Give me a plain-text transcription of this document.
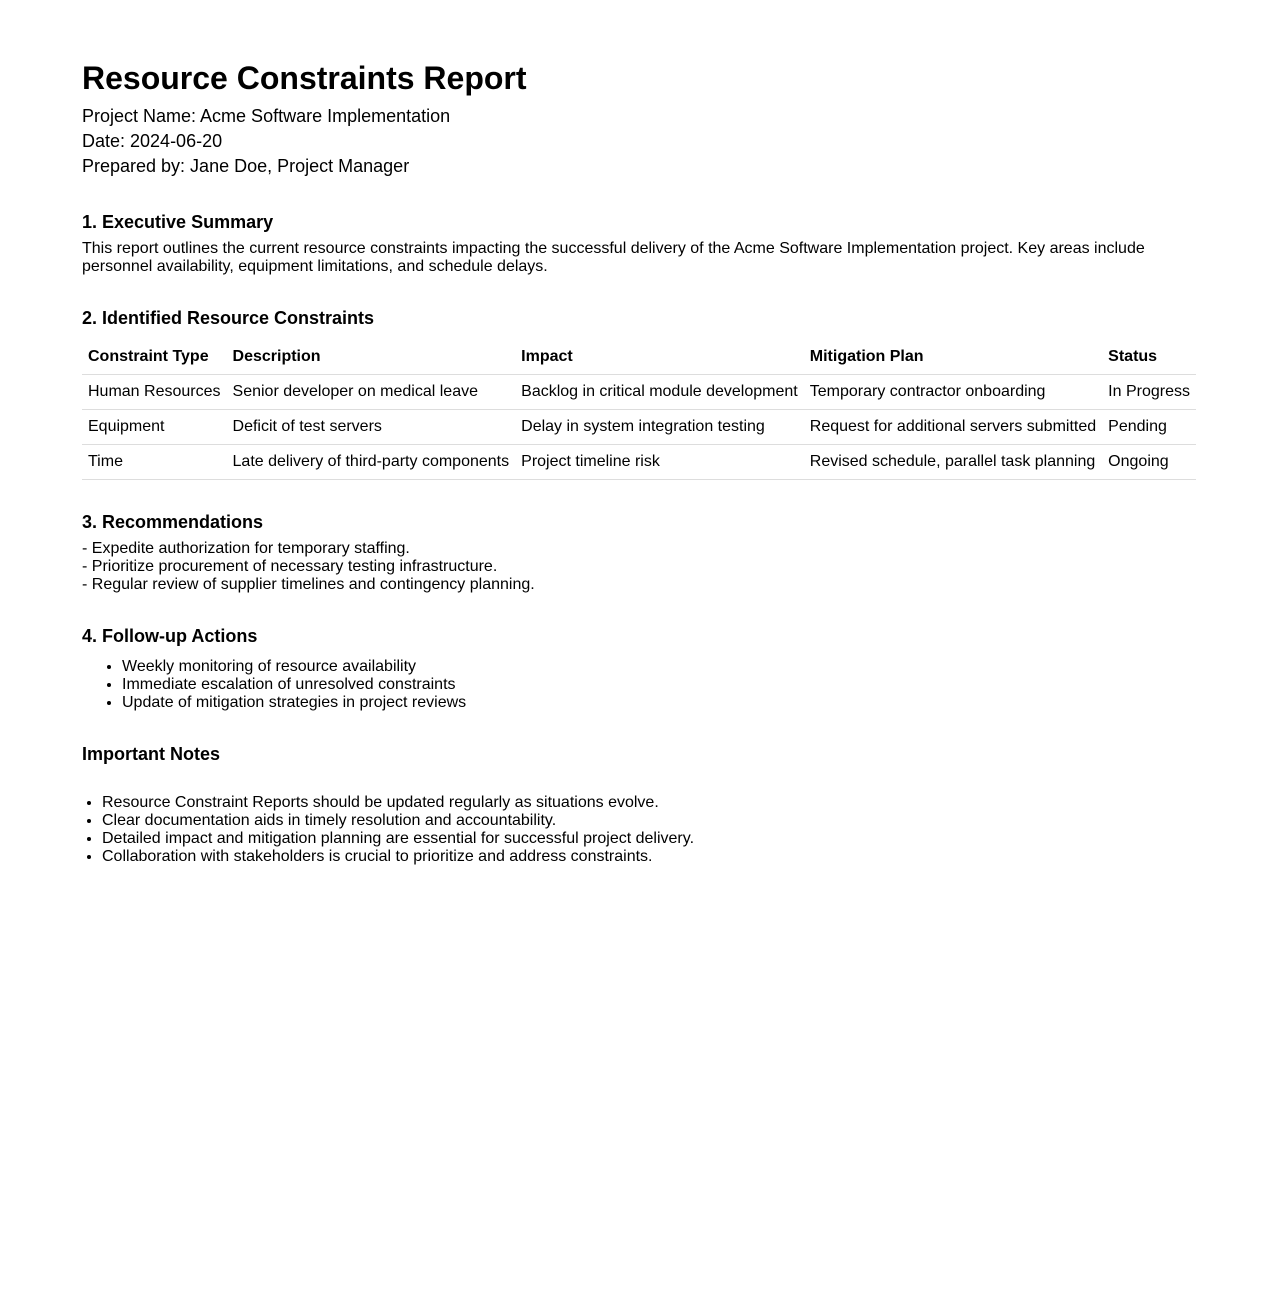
Resource Constraints Report

Project Name: Acme Software Implementation

Date: 2024-06-20

Prepared by: Jane Doe, Project Manager

1. Executive Summary

This report outlines the current resource constraints impacting the successful delivery of the Acme Software Implementation project. Key areas include personnel availability, equipment limitations, and schedule delays.

2. Identified Resource Constraints
Constraint Type	Description	Impact	Mitigation Plan	Status
Human Resources	Senior developer on medical leave	Backlog in critical module development	Temporary contractor onboarding	In Progress
Equipment	Deficit of test servers	Delay in system integration testing	Request for additional servers submitted	Pending
Time	Late delivery of third-party components	Project timeline risk	Revised schedule, parallel task planning	Ongoing
3. Recommendations

- Expedite authorization for temporary staffing.

- Prioritize procurement of necessary testing infrastructure.

- Regular review of supplier timelines and contingency planning.

4. Follow-up Actions
• Weekly monitoring of resource availability
• Immediate escalation of unresolved constraints
• Update of mitigation strategies in project reviews
Important Notes
• Resource Constraint Reports should be updated regularly as situations evolve.
• Clear documentation aids in timely resolution and accountability.
• Detailed impact and mitigation planning are essential for successful project delivery.
• Collaboration with stakeholders is crucial to prioritize and address constraints.
